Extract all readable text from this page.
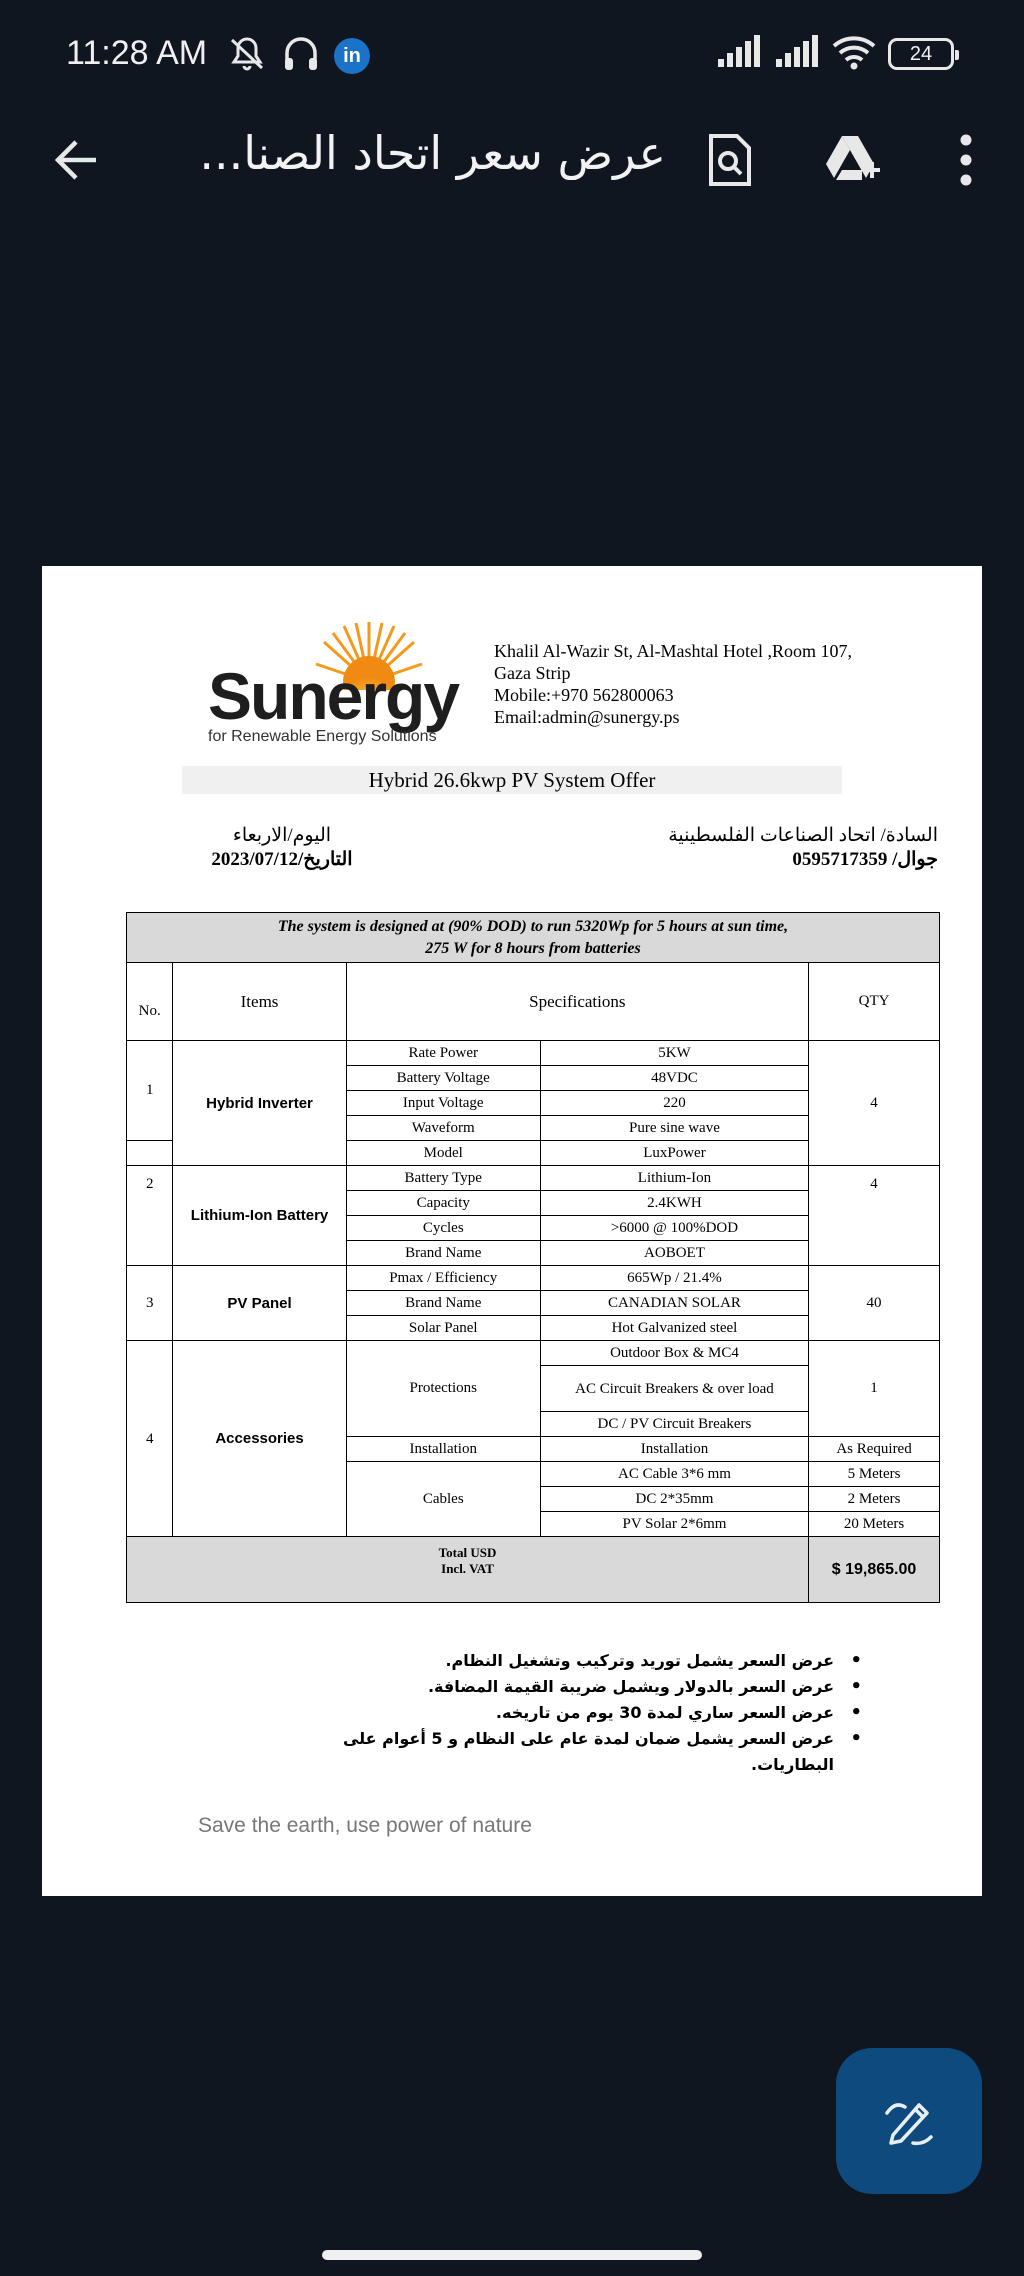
11:28 AM	in	24
عرض سعر اتحاد الصنا...
Sunergy
for Renewable Energy Solutions
Khalil Al-Wazir St, Al-Mashtal Hotel ,Room 107,
Gaza Strip
Mobile:+970 562800063
Email:admin@sunergy.ps
Hybrid 26.6kwp PV System Offer
اليوم/الاربعاء
التاريخ/2023/07/12
السادة/ اتحاد الصناعات الفلسطينية
جوال/ 0595717359
The system is designed at (90% DOD) to run 5320Wp for 5 hours at sun time,
275 W for 8 hours from batteries				

No.	Items	Specifications		QTY
1	Hybrid Inverter	Rate Power	5KW	4
		Battery Voltage	48VDC	
		Input Voltage	220	
		Waveform	Pure sine wave	
		Model	LuxPower	
2	Lithium-Ion Battery	Battery Type	Lithium-Ion	4
		Capacity	2.4KWH	
		Cycles	>6000 @ 100%DOD	
		Brand Name	AOBOET	
3	PV Panel	Pmax / Efficiency	665Wp / 21.4%	40
		Brand Name	CANADIAN SOLAR	
		Solar Panel	Hot Galvanized steel	
4	Accessories	Protections	Outdoor Box & MC4	1
			AC Circuit Breakers & over load	
			DC / PV Circuit Breakers	
		Installation	Installation	As Required
		Cables	AC Cable 3*6 mm	5 Meters
			DC 2*35mm	2 Meters
			PV Solar 2*6mm	20 Meters

Total USD
Incl. VAT				$ 19,865.00
• عرض السعر يشمل توريد وتركيب وتشغيل النظام.
• عرض السعر بالدولار ويشمل ضريبة القيمة المضافة.
• عرض السعر ساري لمدة 30 يوم من تاريخه.
• عرض السعر يشمل ضمان لمدة عام على النظام و 5 أعوام على البطاريات.
Save the earth, use power of nature
